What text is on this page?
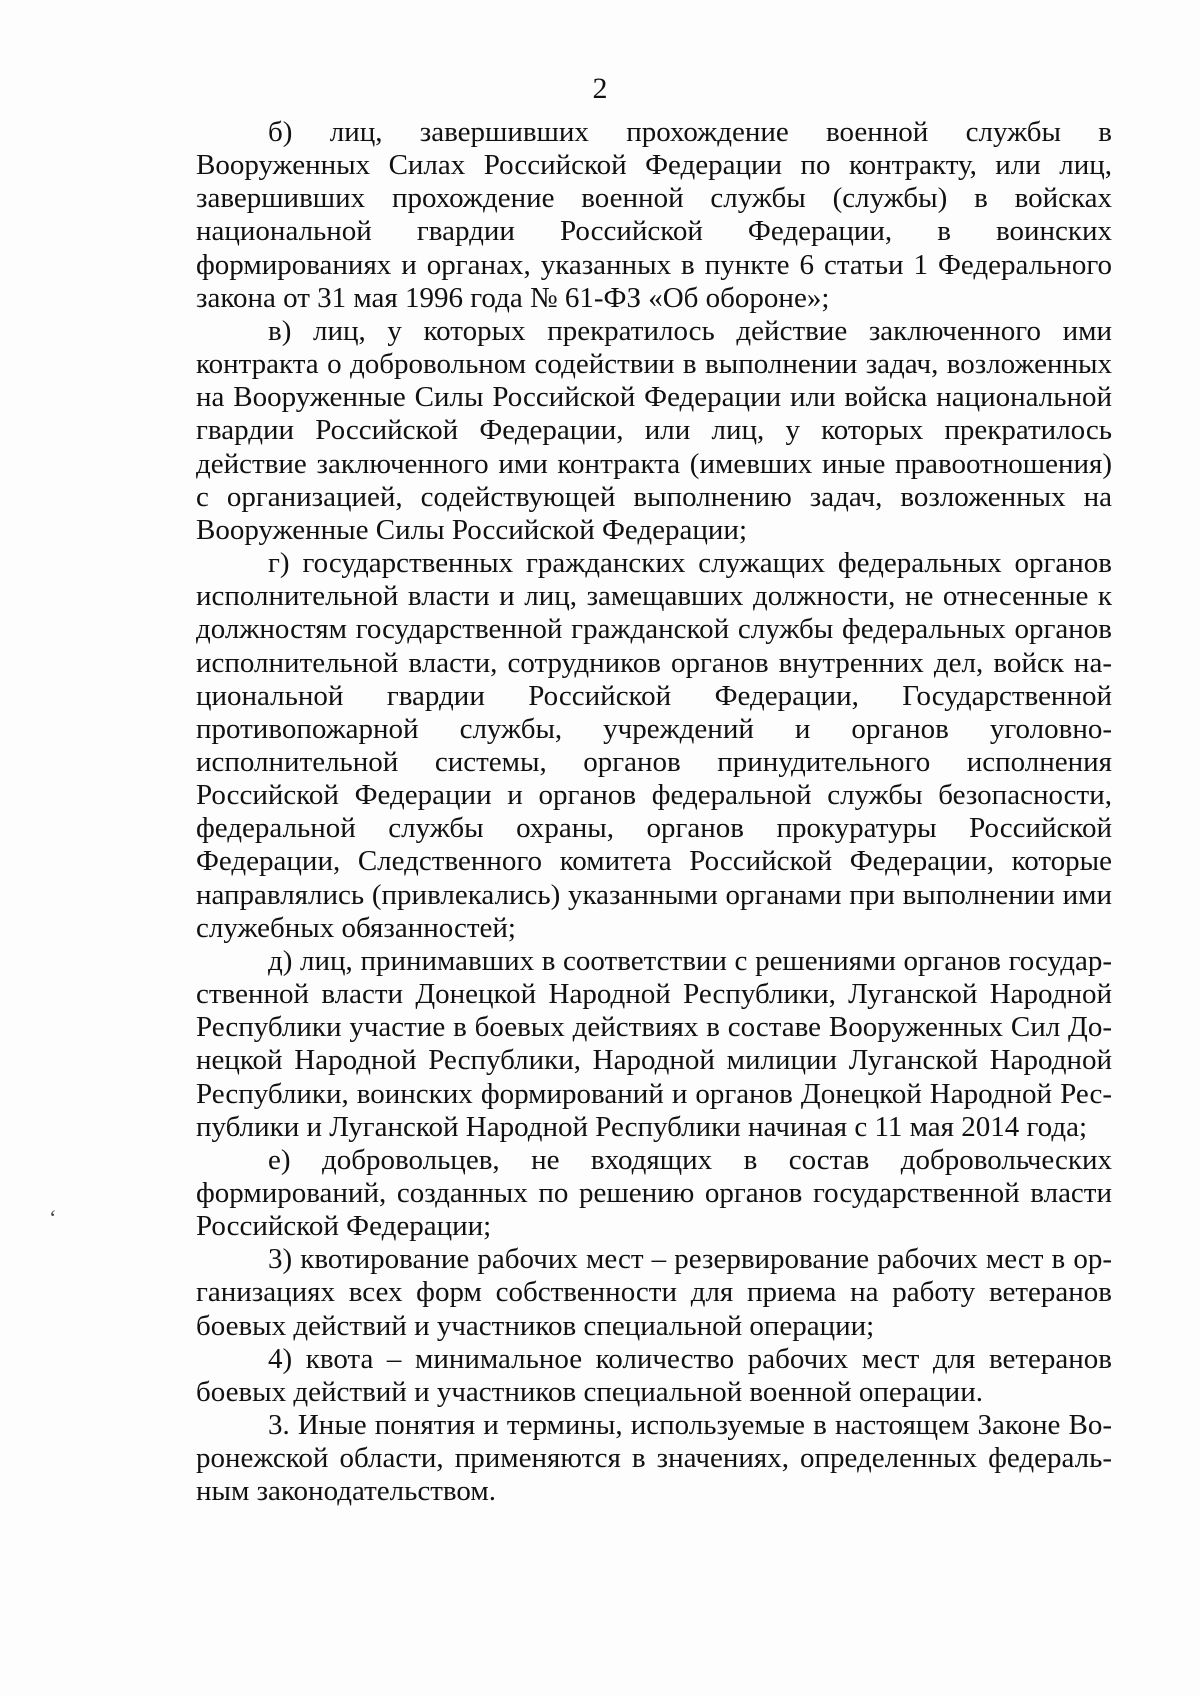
2

б) лиц, завершивших прохождение военной службы в Вооруженных Силах Российской Федерации по контракту, или лиц, завершивших прохождение военной службы (службы) в войсках национальной гвардии Российской Федерации, в воинских формированиях и органах, указанных в пункте 6 статьи 1 Федерального закона от 31 мая 1996 года № 61-ФЗ «Об обороне»;

в) лиц, у которых прекратилось действие заключенного ими контракта о добровольном содействии в выполнении задач, возложенных на Вооруженные Силы Российской Федерации или войска национальной гвардии Российской Федерации, или лиц, у которых прекратилось действие заключенного ими контракта (имевших иные правоотношения) с организацией, содействующей выполнению задач, возложенных на Вооруженные Силы Российской Федерации;

г) государственных гражданских служащих федеральных органов исполнительной власти и лиц, замещавших должности, не отнесенные к должностям государственной гражданской службы федеральных органов исполнительной власти, сотрудников органов внутренних дел, войск национальной гвардии Российской Федерации, Государственной противопожарной службы, учреждений и органов уголовно-исполнительной системы, органов принудительного исполнения Российской Федерации и органов федеральной службы безопасности, федеральной службы охраны, органов прокуратуры Российской Федерации, Следственного комитета Российской Федерации, которые направлялись (привлекались) указанными органами при выполнении ими служебных обязанностей;

д) лиц, принимавших в соответствии с решениями органов государственной власти Донецкой Народной Республики, Луганской Народной Республики участие в боевых действиях в составе Вооруженных Сил Донецкой Народной Республики, Народной милиции Луганской Народной Республики, воинских формирований и органов Донецкой Народной Республики и Луганской Народной Республики начиная с 11 мая 2014 года;

е) добровольцев, не входящих в состав добровольческих формирований, созданных по решению органов государственной власти Российской Федерации;

3) квотирование рабочих мест – резервирование рабочих мест в организациях всех форм собственности для приема на работу ветеранов боевых действий и участников специальной операции;

4) квота – минимальное количество рабочих мест для ветеранов боевых действий и участников специальной военной операции.

3. Иные понятия и термины, используемые в настоящем Законе Воронежской области, применяются в значениях, определенных федеральным законодательством.

ʻ
